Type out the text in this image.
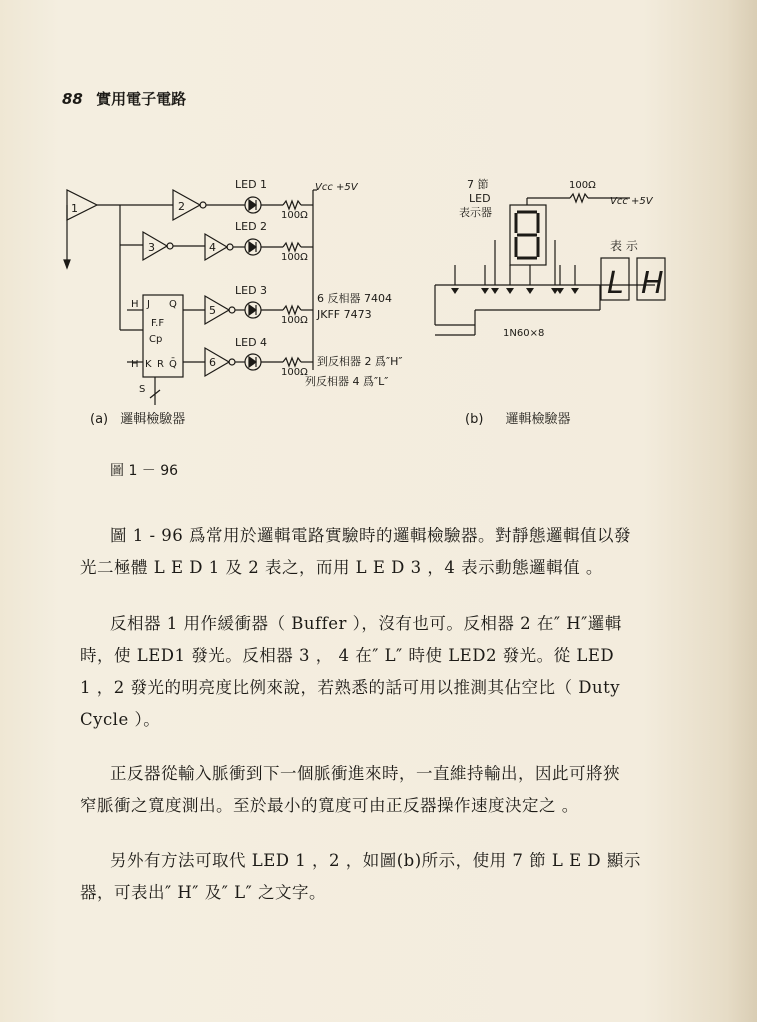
88 實用電子電路
1	2
3	4
5
6
LED 1
LED 2
LED 3
LED 4
100Ω
100Ω
100Ω
100Ω
Vcc +5V
H J Q
F.F
Cp
H K R Q̄
S
6 反相器 7404
JKFF 7473
到反相器 2 爲″H″
列反相器 4 爲″L″
7 節
LED
表示器
100Ω
Vcc +5V
1N60×8
表 示
L H
(a) 邏輯檢驗器	(b) 邏輯檢驗器
圖 1 － 96
圖 1 - 96 爲常用於邏輯電路實驗時的邏輯檢驗器。對靜態邏輯值以發
光二極體 L E D 1 及 2 表之，而用 L E D 3 ，4 表示動態邏輯值 。
反相器 1 用作緩衝器（ Buffer ），沒有也可。反相器 2 在″ H″邏輯
時，使 LED1 發光。反相器 3 ， 4 在″ L″ 時使 LED2 發光。從 LED
1 ，2 發光的明亮度比例來說，若熟悉的話可用以推測其佔空比（ Duty
Cycle ）。
正反器從輸入脈衝到下一個脈衝進來時，一直維持輸出，因此可將狹
窄脈衝之寬度測出。至於最小的寬度可由正反器操作速度決定之 。
另外有方法可取代 LED 1 ，2 ，如圖(b)所示，使用 7 節 L E D 顯示
器，可表出″ H″ 及″ L″ 之文字。
